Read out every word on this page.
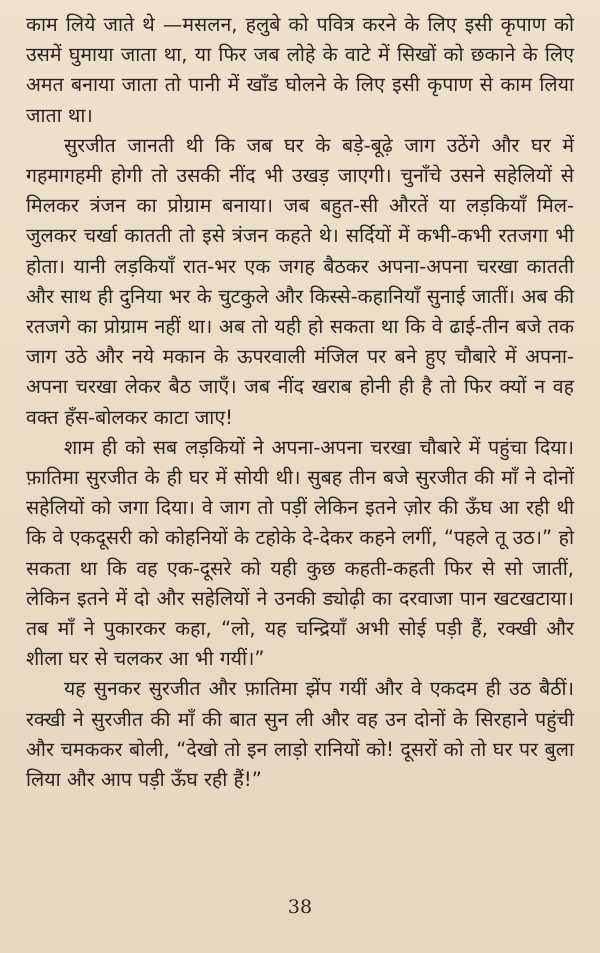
काम लिये जाते थे —मसलन, हलुबे को पवित्र करने के लिए इसी कृपाण को उसमें घुमाया जाता था, या फिर जब लोहे के वाटे में सिखों को छकाने के लिए अमत बनाया जाता तो पानी में खाँड घोलने के लिए इसी कृपाण से काम लिया जाता था।

सुरजीत जानती थी कि जब घर के बड़े-बूढ़े जाग उठेंगे और घर में गहमागहमी होगी तो उसकी नींद भी उखड़ जाएगी। चुनाँचे उसने सहेलियों से मिलकर त्रंजन का प्रोग्राम बनाया। जब बहुत-सी औरतें या लड़कियाँ मिल-जुलकर चर्खा कातती तो इसे त्रंजन कहते थे। सर्दियों में कभी-कभी रतजगा भी होता। यानी लड़कियाँ रात-भर एक जगह बैठकर अपना-अपना चरखा कातती और साथ ही दुनिया भर के चुटकुले और किस्से-कहानियाँ सुनाई जातीं। अब की रतजगे का प्रोग्राम नहीं था। अब तो यही हो सकता था कि वे ढाई-तीन बजे तक जाग उठे और नये मकान के ऊपरवाली मंजिल पर बने हुए चौबारे में अपना-अपना चरखा लेकर बैठ जाएँ। जब नींद खराब होनी ही है तो फिर क्यों न वह वक्त हँस-बोलकर काटा जाए!

शाम ही को सब लड़कियों ने अपना-अपना चरखा चौबारे में पहुंचा दिया। फ़ातिमा सुरजीत के ही घर में सोयी थी। सुबह तीन बजे सुरजीत की माँ ने दोनों सहेलियों को जगा दिया। वे जाग तो पड़ीं लेकिन इतने ज़ोर की ऊँघ आ रही थी कि वे एकदूसरी को कोहनियों के टहोके दे-देकर कहने लगीं, “पहले तू उठ।” हो सकता था कि वह एक-दूसरे को यही कुछ कहती-कहती फिर से सो जातीं, लेकिन इतने में दो और सहेलियों ने उनकी ड्योढ़ी का दरवाजा पान खटखटाया। तब माँ ने पुकारकर कहा, “लो, यह चन्द्रियाँ अभी सोई पड़ी हैं, रक्खी और शीला घर से चलकर आ भी गयीं।”

यह सुनकर सुरजीत और फ़ातिमा झेंप गयीं और वे एकदम ही उठ बैठीं। रक्खी ने सुरजीत की माँ की बात सुन ली और वह उन दोनों के सिरहाने पहुंची और चमककर बोली, “देखो तो इन लाड़ो रानियों को! दूसरों को तो घर पर बुला लिया और आप पड़ी ऊँघ रही हैं!”

38
